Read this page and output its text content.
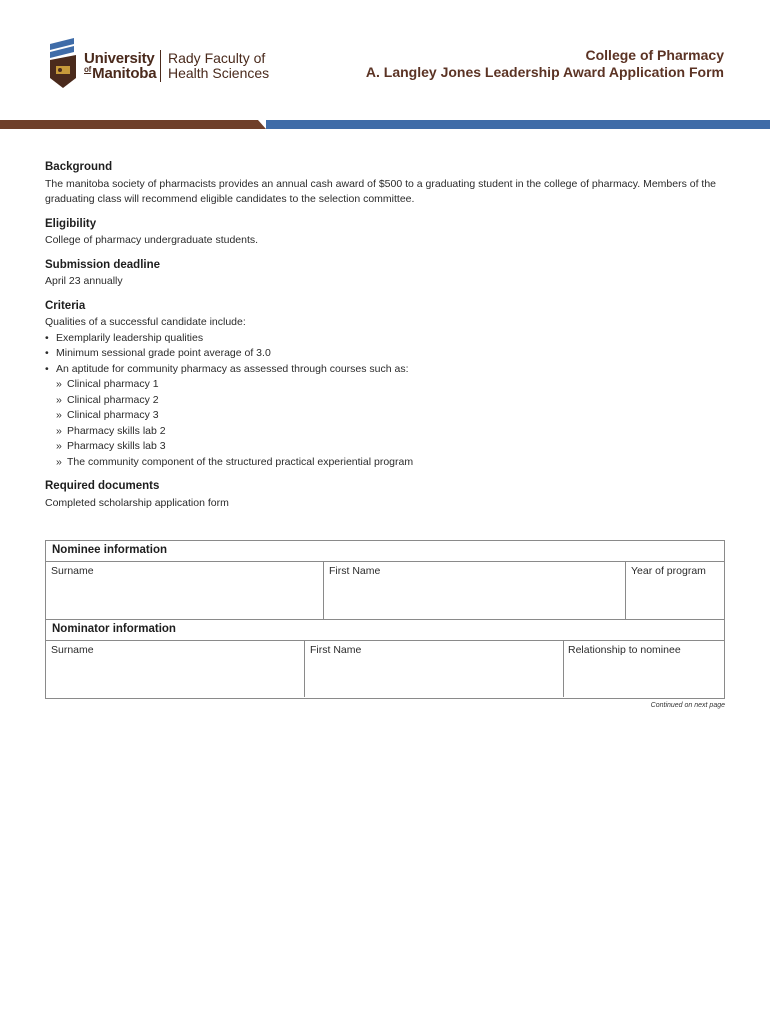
University
$^{of}$Manitoba
Rady Faculty of
Health Sciences
College of Pharmacy
A. Langley Jones Leadership Award Application Form
Background

The manitoba society of pharmacists provides an annual cash award of $500 to a graduating student in the college of pharmacy. Members of the graduating class will recommend eligible candidates to the selection committee.

Eligibility

College of pharmacy undergraduate students.

Submission deadline

April 23 annually

Criteria

Qualities of a successful candidate include:

• Exemplarily leadership qualities
• Minimum sessional grade point average of 3.0
• An aptitude for community pharmacy as assessed through courses such as:
» Clinical pharmacy 1
» Clinical pharmacy 2
» Clinical pharmacy 3
» Pharmacy skills lab 2
» Pharmacy skills lab 3
» The community component of the structured practical experiential program
Required documents

Completed scholarship application form

Nominee information
Surname	First Name	Year of program
Nominator information
Surname	First Name	Relationship to nominee
Continued on next page
